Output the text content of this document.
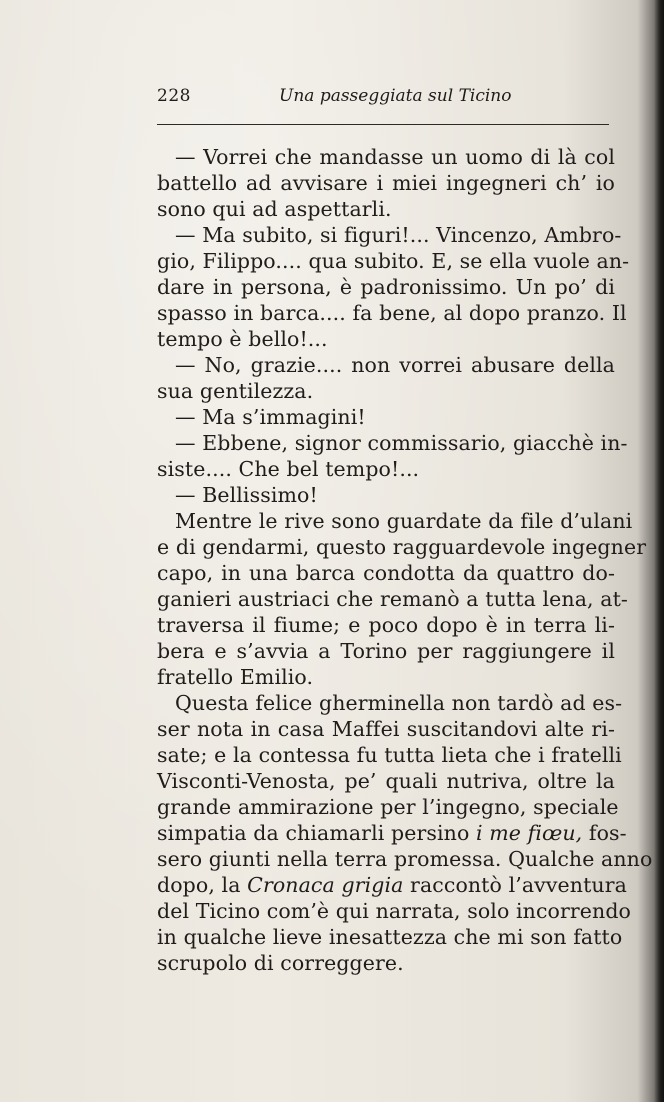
228	Una passeggiata sul Ticino
— Vorrei che mandasse un uomo di là col
battello ad avvisare i miei ingegneri ch’ io
sono qui ad aspettarli.
— Ma subito, si figuri!... Vincenzo, Ambro-
gio, Filippo.... qua subito. E, se ella vuole an-
dare in persona, è padronissimo. Un po’ di
spasso in barca.... fa bene, al dopo pranzo. Il
tempo è bello!...
— No, grazie.... non vorrei abusare della
sua gentilezza.
— Ma s’immagini!
— Ebbene, signor commissario, giacchè in-
siste.... Che bel tempo!...
— Bellissimo!
Mentre le rive sono guardate da file d’ulani
e di gendarmi, questo ragguardevole ingegner
capo, in una barca condotta da quattro do-
ganieri austriaci che remanò a tutta lena, at-
traversa il fiume; e poco dopo è in terra li-
bera e s’avvia a Torino per raggiungere il
fratello Emilio.
Questa felice gherminella non tardò ad es-
ser nota in casa Maffei suscitandovi alte ri-
sate; e la contessa fu tutta lieta che i fratelli
Visconti-Venosta, pe’ quali nutriva, oltre la
grande ammirazione per l’ingegno, speciale
simpatia da chiamarli persino i me fiœu, fos-
sero giunti nella terra promessa. Qualche anno
dopo, la Cronaca grigia raccontò l’avventura
del Ticino com’è qui narrata, solo incorrendo
in qualche lieve inesattezza che mi son fatto
scrupolo di correggere.
